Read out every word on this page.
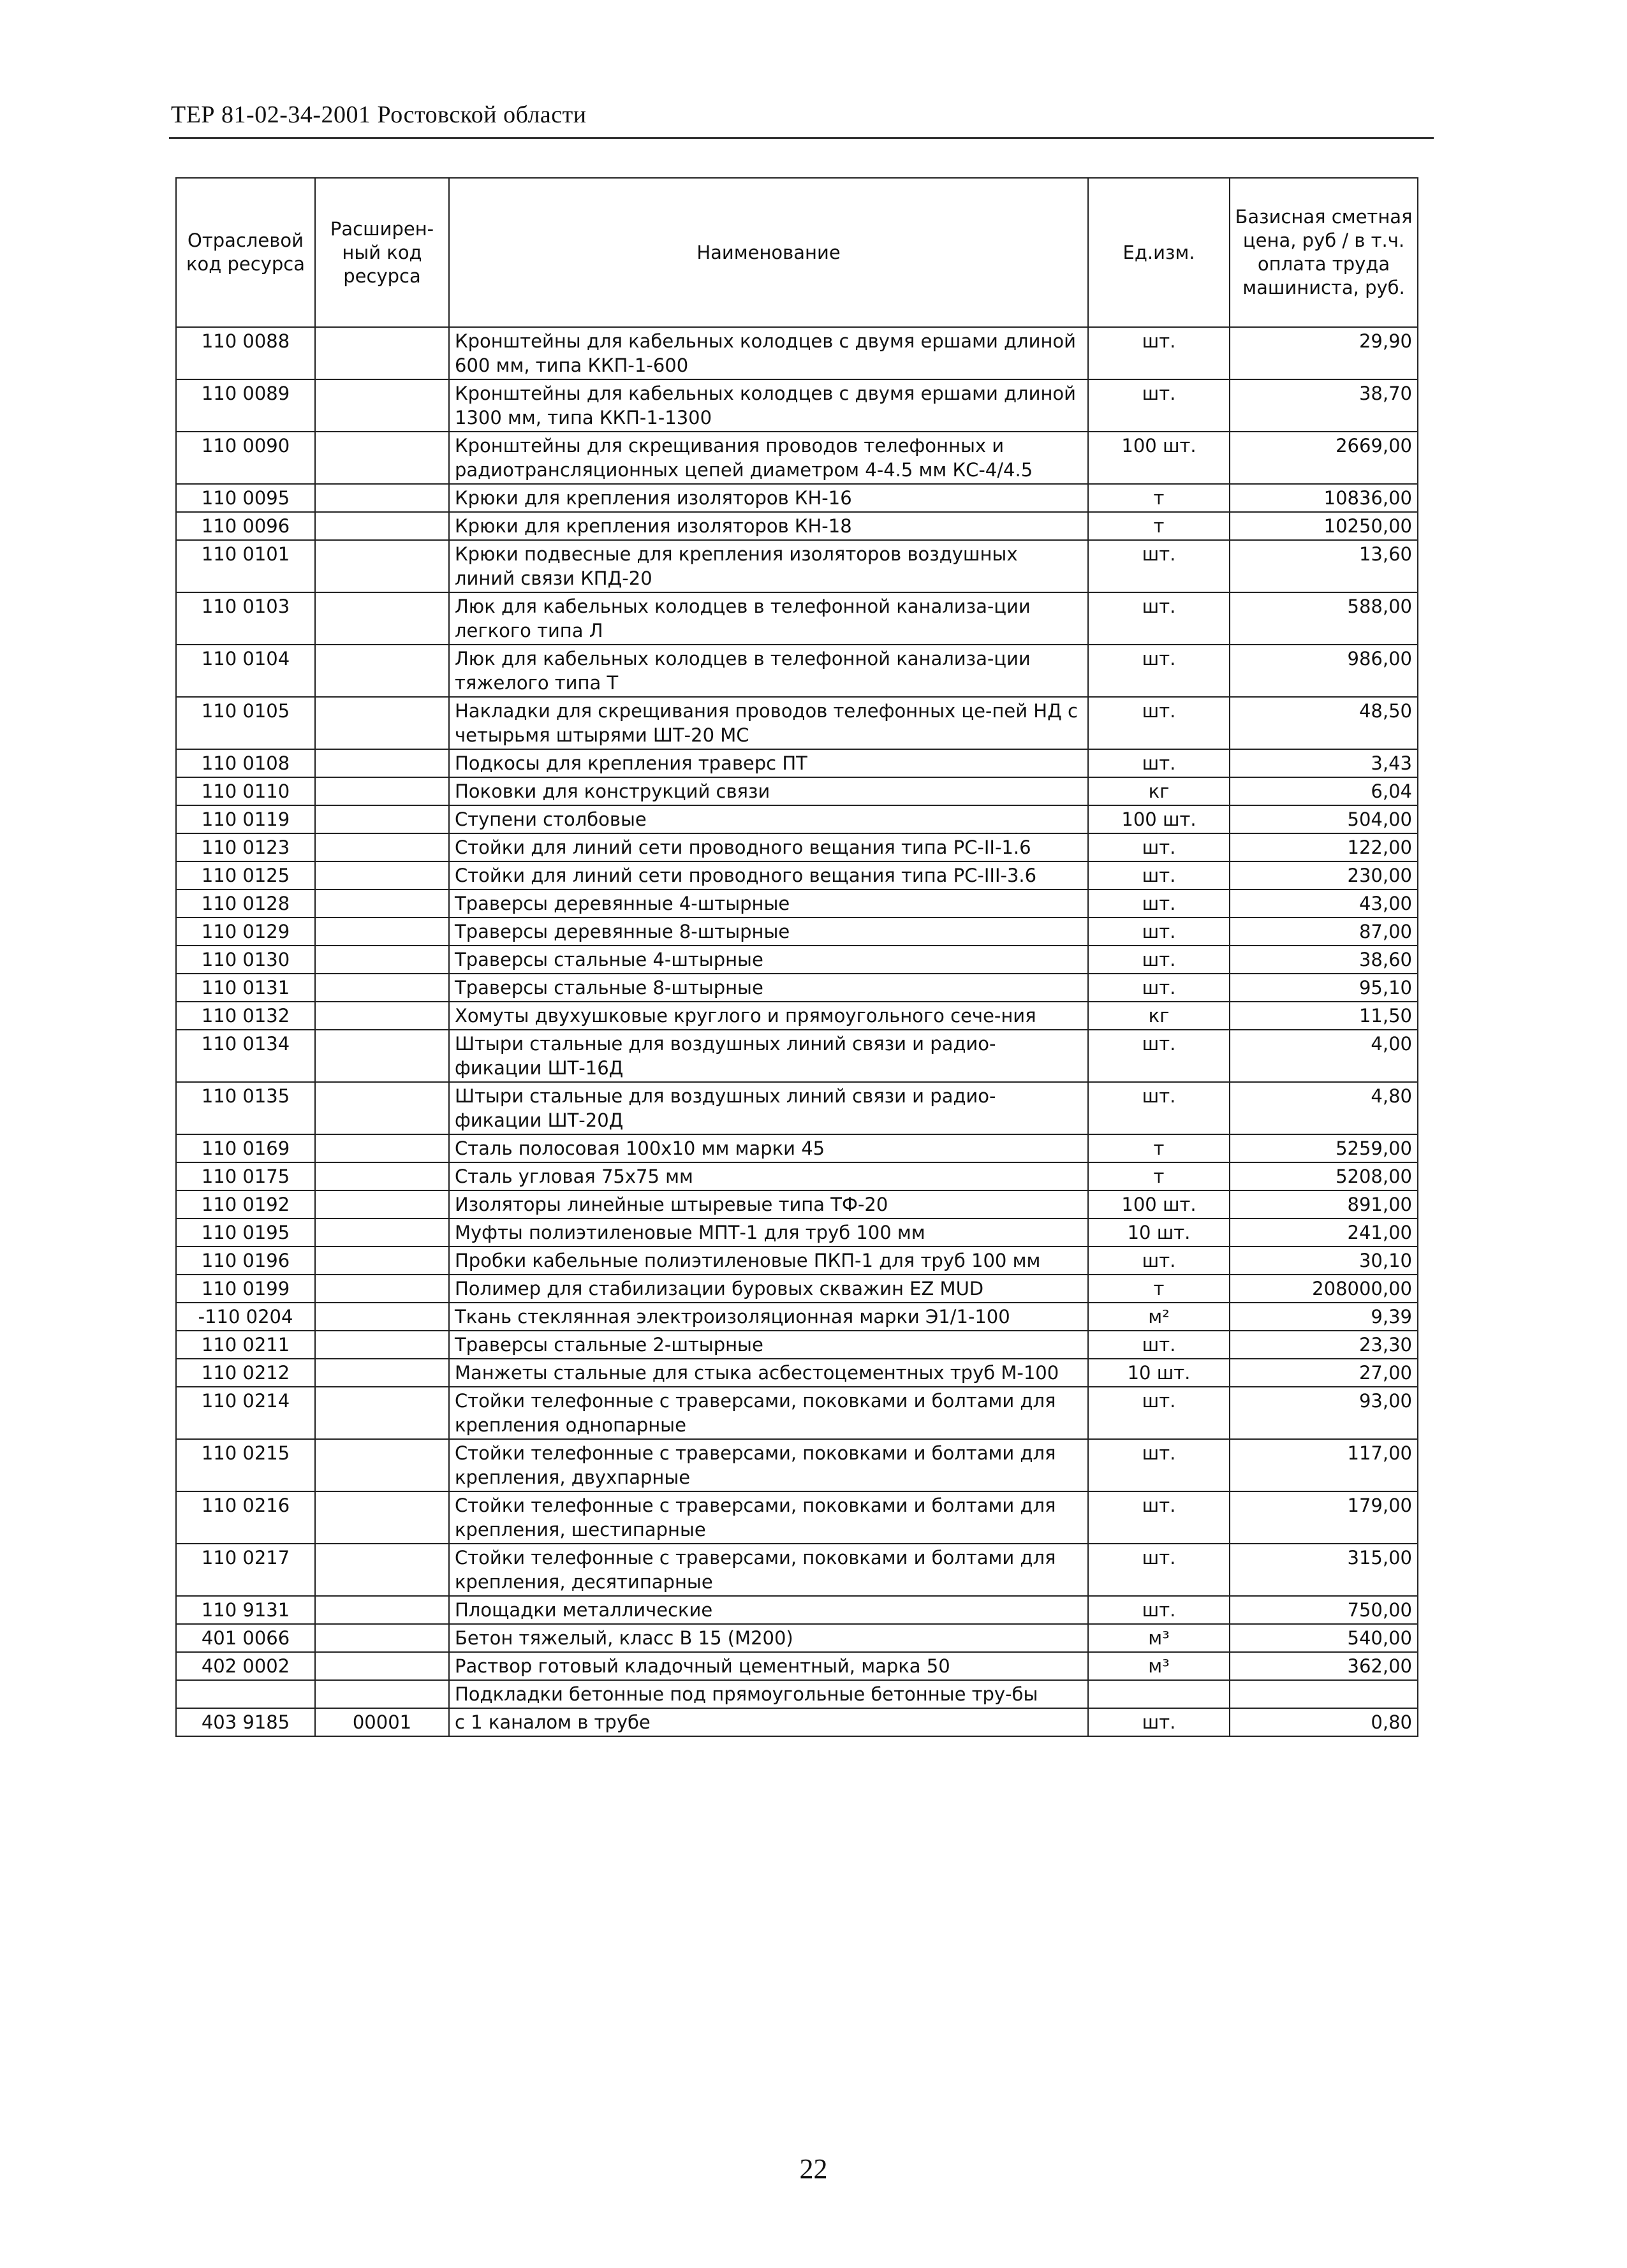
ТЕР 81-02-34-2001 Ростовской области
Отраслевой код ресурса	Расширен-ный код ресурса	Наименование	Ед.изм.	Базисная сметная цена, руб / в т.ч. оплата труда машиниста, руб.
110 0088		Кронштейны для кабельных колодцев с двумя ершами длиной 600 мм, типа ККП-1-600	шт.	29,90
110 0089		Кронштейны для кабельных колодцев с двумя ершами длиной 1300 мм, типа ККП-1-1300	шт.	38,70
110 0090		Кронштейны для скрещивания проводов телефонных и радиотрансляционных цепей диаметром 4-4.5 мм КС-4/4.5	100 шт.	2669,00
110 0095		Крюки для крепления изоляторов КН-16	т	10836,00
110 0096		Крюки для крепления изоляторов КН-18	т	10250,00
110 0101		Крюки подвесные для крепления изоляторов воздушных линий связи КПД-20	шт.	13,60
110 0103		Люк для кабельных колодцев в телефонной канализа-ции легкого типа Л	шт.	588,00
110 0104		Люк для кабельных колодцев в телефонной канализа-ции тяжелого типа Т	шт.	986,00
110 0105		Накладки для скрещивания проводов телефонных це-пей НД с четырьмя штырями ШТ-20 МС	шт.	48,50
110 0108		Подкосы для крепления траверс ПТ	шт.	3,43
110 0110		Поковки для конструкций связи	кг	6,04
110 0119		Ступени столбовые	100 шт.	504,00
110 0123		Стойки для линий сети проводного вещания типа РС-II-1.6	шт.	122,00
110 0125		Стойки для линий сети проводного вещания типа РС-III-3.6	шт.	230,00
110 0128		Траверсы деревянные 4-штырные	шт.	43,00
110 0129		Траверсы деревянные 8-штырные	шт.	87,00
110 0130		Траверсы стальные 4-штырные	шт.	38,60
110 0131		Траверсы стальные 8-штырные	шт.	95,10
110 0132		Хомуты двухушковые круглого и прямоугольного сече-ния	кг	11,50
110 0134		Штыри стальные для воздушных линий связи и радио-фикации ШТ-16Д	шт.	4,00
110 0135		Штыри стальные для воздушных линий связи и радио-фикации ШТ-20Д	шт.	4,80
110 0169		Сталь полосовая 100x10 мм марки 45	т	5259,00
110 0175		Сталь угловая 75x75 мм	т	5208,00
110 0192		Изоляторы линейные штыревые типа ТФ-20	100 шт.	891,00
110 0195		Муфты полиэтиленовые МПТ-1 для труб 100 мм	10 шт.	241,00
110 0196		Пробки кабельные полиэтиленовые ПКП-1 для труб 100 мм	шт.	30,10
110 0199		Полимер для стабилизации буровых скважин EZ MUD	т	208000,00
-110 0204		Ткань стеклянная электроизоляционная марки Э1/1-100	м²	9,39
110 0211		Траверсы стальные 2-штырные	шт.	23,30
110 0212		Манжеты стальные для стыка асбестоцементных труб М-100	10 шт.	27,00
110 0214		Стойки телефонные с траверсами, поковками и болтами для крепления однопарные	шт.	93,00
110 0215		Стойки телефонные с траверсами, поковками и болтами для крепления, двухпарные	шт.	117,00
110 0216		Стойки телефонные с траверсами, поковками и болтами для крепления, шестипарные	шт.	179,00
110 0217		Стойки телефонные с траверсами, поковками и болтами для крепления, десятипарные	шт.	315,00
110 9131		Площадки металлические	шт.	750,00
401 0066		Бетон тяжелый, класс В 15 (М200)	м³	540,00
402 0002		Раствор готовый кладочный цементный, марка 50	м³	362,00
		Подкладки бетонные под прямоугольные бетонные тру-бы		
403 9185	00001	с 1 каналом в трубе	шт.	0,80
22
